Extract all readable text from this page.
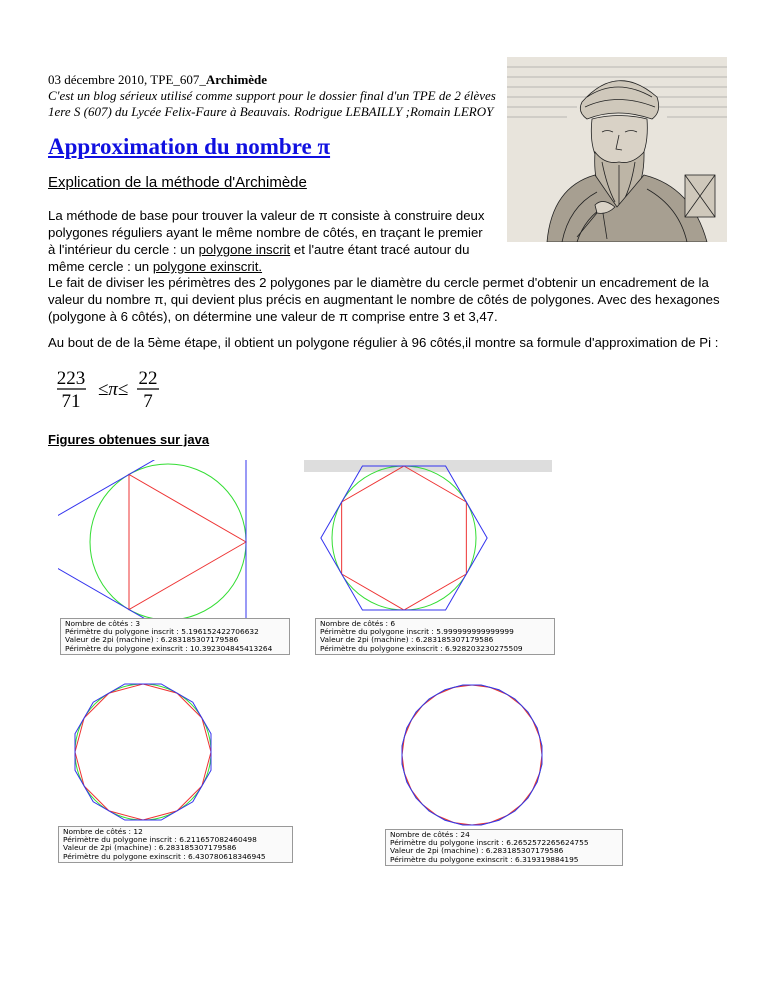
03 décembre 2010, TPE_607_Archimède
C'est un blog sérieux utilisé comme support pour le dossier final d'un TPE de 2 élèves
1ere S (607) du Lycée Felix-Faure à Beauvais. Rodrigue LEBAILLY ;Romain LEROY
Approximation du nombre π
Explication de la méthode d'Archimède
La méthode de base pour trouver la valeur de π consiste à construire deux polygones réguliers ayant le même nombre de côtés, en traçant le premier à l'intérieur du cercle : un polygone inscrit et l'autre étant tracé autour du même cercle : un polygone exinscrit.
Le fait de diviser les périmètres des 2 polygones par le diamètre du cercle permet d'obtenir un encadrement de la valeur du nombre π, qui devient plus précis en augmentant le nombre de côtés de polygones. Avec des hexagones (polygone à 6 côtés), on détermine une valeur de π comprise entre 3 et 3,47.
Au bout de de la 5ème étape, il obtient un polygone régulier à 96 côtés,il montre sa formule d'approximation de Pi :
223
71
≤π≤
22
7
Figures obtenues sur java
Nombre de côtés : 3
Périmètre du polygone inscrit : 5.196152422706632
Valeur de 2pi (machine) : 6.283185307179586
Périmètre du polygone exinscrit : 10.392304845413264
Nombre de côtés : 6
Périmètre du polygone inscrit : 5.999999999999999
Valeur de 2pi (machine) : 6.283185307179586
Périmètre du polygone exinscrit : 6.928203230275509
Nombre de côtés : 12
Périmètre du polygone inscrit : 6.211657082460498
Valeur de 2pi (machine) : 6.283185307179586
Périmètre du polygone exinscrit : 6.430780618346945
Nombre de côtés : 24
Périmètre du polygone inscrit : 6.2652572265624755
Valeur de 2pi (machine) : 6.283185307179586
Périmètre du polygone exinscrit : 6.319319884195
